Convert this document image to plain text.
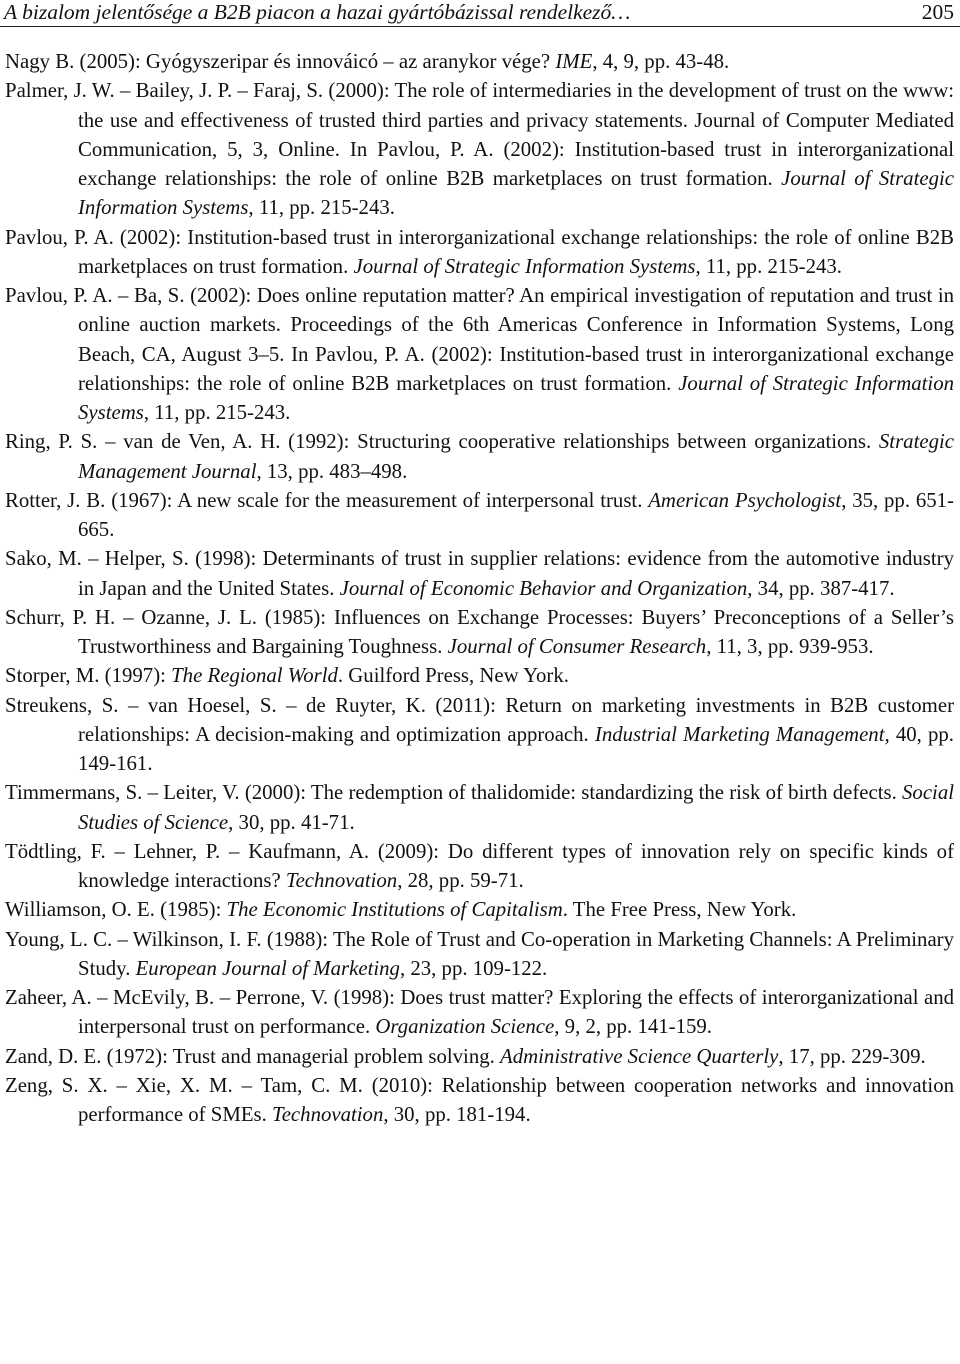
A bizalom jelentősége a B2B piacon a hazai gyártóbázissal rendelkező…	205

Nagy B. (2005): Gyógyszeripar és innováicó – az aranykor vége? IME, 4, 9, pp. 43-48.

Palmer, J. W. – Bailey, J. P. – Faraj, S. (2000): The role of intermediaries in the development of trust on the www: the use and effectiveness of trusted third parties and privacy statements. Journal of Computer Mediated Communication, 5, 3, Online. In Pavlou, P. A. (2002): Institution-based trust in interorganizational exchange relationships: the role of online B2B marketplaces on trust formation. Journal of Strategic Information Systems, 11, pp. 215-243.

Pavlou, P. A. (2002): Institution-based trust in interorganizational exchange relationships: the role of online B2B marketplaces on trust formation. Journal of Strategic Information Systems, 11, pp. 215-243.

Pavlou, P. A. – Ba, S. (2002): Does online reputation matter? An empirical investigation of reputation and trust in online auction markets. Proceedings of the 6th Americas Conference in Information Systems, Long Beach, CA, August 3–5. In Pavlou, P. A. (2002): Institution-based trust in interorganizational exchange relationships: the role of online B2B marketplaces on trust formation. Journal of Strategic Information Systems, 11, pp. 215-243.

Ring, P. S. – van de Ven, A. H. (1992): Structuring cooperative relationships between organizations. Strategic Management Journal, 13, pp. 483–498.

Rotter, J. B. (1967): A new scale for the measurement of interpersonal trust. American Psychologist, 35, pp. 651-665.

Sako, M. – Helper, S. (1998): Determinants of trust in supplier relations: evidence from the automotive industry in Japan and the United States. Journal of Economic Behavior and Organization, 34, pp. 387-417.

Schurr, P. H. – Ozanne, J. L. (1985): Influences on Exchange Processes: Buyers’ Preconceptions of a Seller’s Trustworthiness and Bargaining Toughness. Journal of Consumer Research, 11, 3, pp. 939-953.

Storper, M. (1997): The Regional World. Guilford Press, New York.

Streukens, S. – van Hoesel, S. – de Ruyter, K. (2011): Return on marketing investments in B2B customer relationships: A decision-making and optimization approach. Industrial Marketing Management, 40, pp. 149-161.

Timmermans, S. – Leiter, V. (2000): The redemption of thalidomide: standardizing the risk of birth defects. Social Studies of Science, 30, pp. 41-71.

Tödtling, F. – Lehner, P. – Kaufmann, A. (2009): Do different types of innovation rely on specific kinds of knowledge interactions? Technovation, 28, pp. 59-71.

Williamson, O. E. (1985): The Economic Institutions of Capitalism. The Free Press, New York.

Young, L. C. – Wilkinson, I. F. (1988): The Role of Trust and Co-operation in Marketing Channels: A Preliminary Study. European Journal of Marketing, 23, pp. 109-122.

Zaheer, A. – McEvily, B. – Perrone, V. (1998): Does trust matter? Exploring the effects of interorganizational and interpersonal trust on performance. Organization Science, 9, 2, pp. 141-159.

Zand, D. E. (1972): Trust and managerial problem solving. Administrative Science Quarterly, 17, pp. 229-309.

Zeng, S. X. – Xie, X. M. – Tam, C. M. (2010): Relationship between cooperation networks and innovation performance of SMEs. Technovation, 30, pp. 181-194.
